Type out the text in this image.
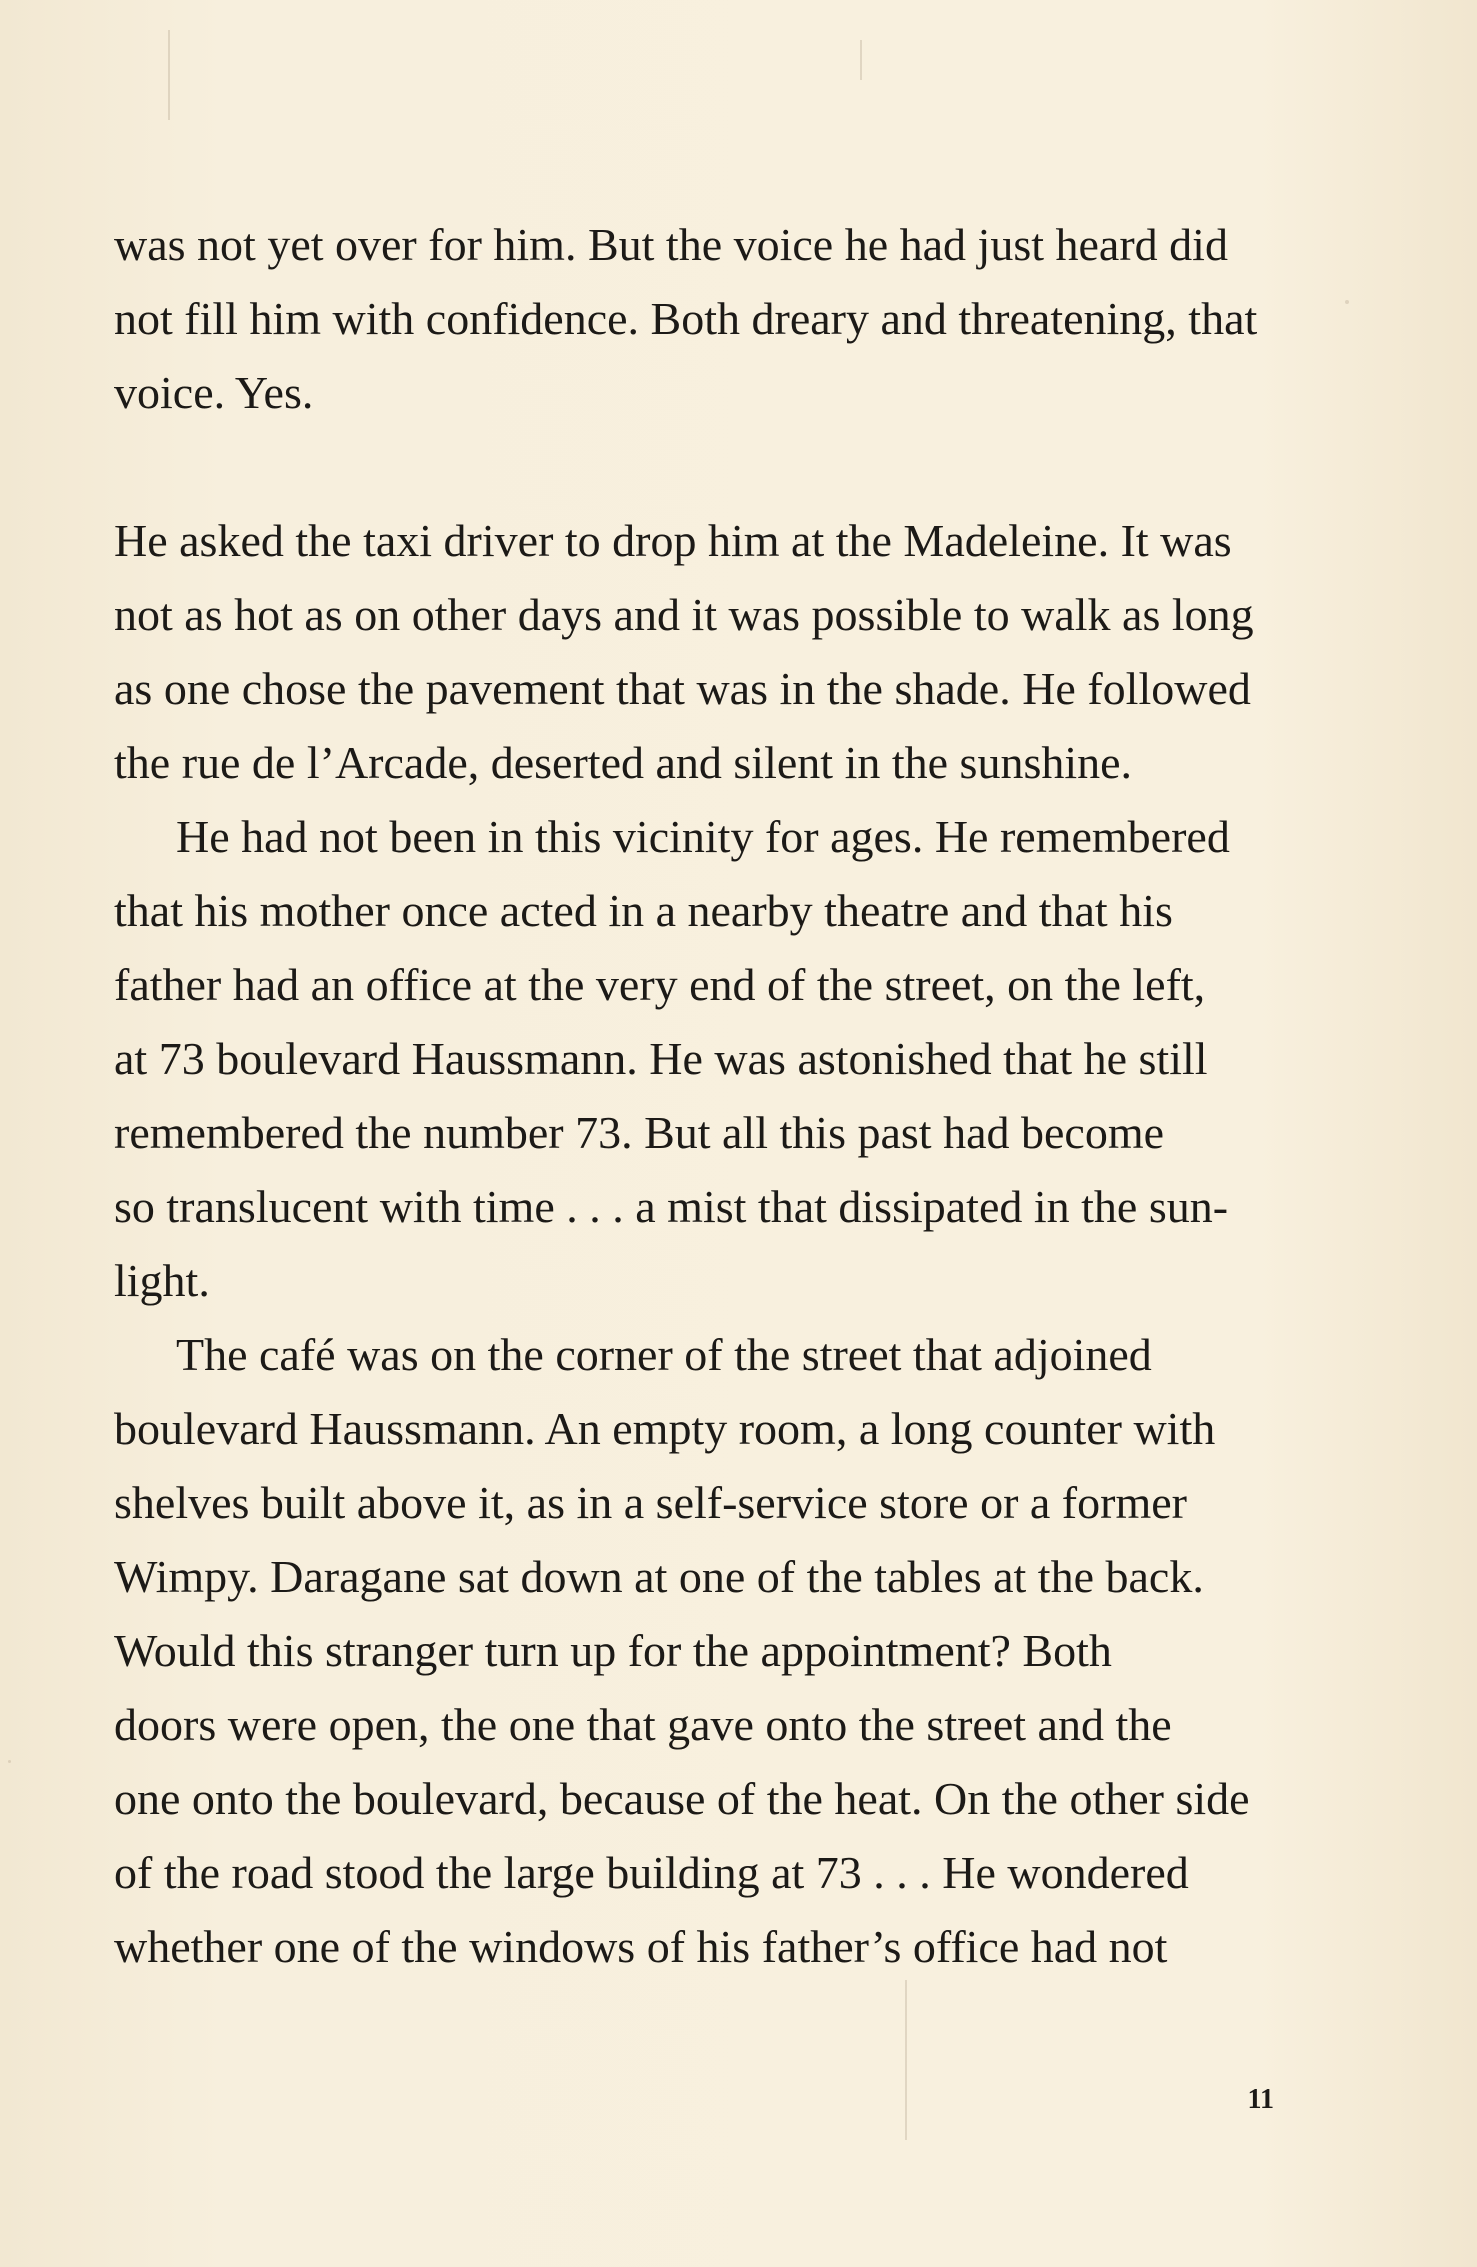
was not yet over for him. But the voice he had just heard did
not fill him with confidence. Both dreary and threatening, that
voice. Yes.

He asked the taxi driver to drop him at the Madeleine. It was
not as hot as on other days and it was possible to walk as long
as one chose the pavement that was in the shade. He followed
the rue de l’Arcade, deserted and silent in the sunshine.

He had not been in this vicinity for ages. He remembered
that his mother once acted in a nearby theatre and that his
father had an office at the very end of the street, on the left,
at 73 boulevard Haussmann. He was astonished that he still
remembered the number 73. But all this past had become
so translucent with time . . . a mist that dissipated in the sun-
light.

The café was on the corner of the street that adjoined
boulevard Haussmann. An empty room, a long counter with
shelves built above it, as in a self-service store or a former
Wimpy. Daragane sat down at one of the tables at the back.
Would this stranger turn up for the appointment? Both
doors were open, the one that gave onto the street and the
one onto the boulevard, because of the heat. On the other side
of the road stood the large building at 73 . . . He wondered
whether one of the windows of his father’s office had not

11
